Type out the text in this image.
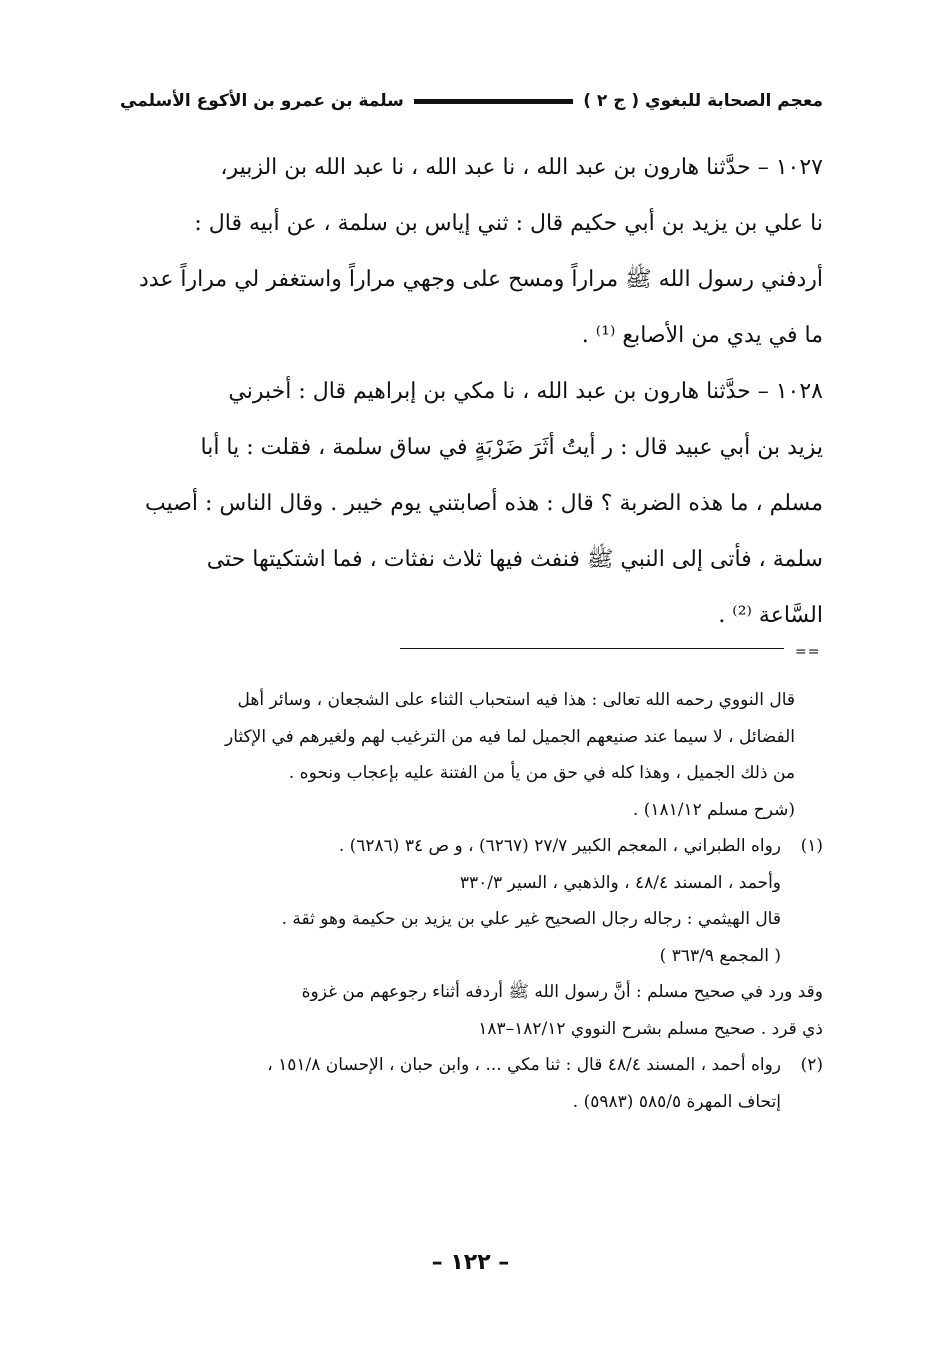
معجم الصحابة للبغوي ( ج ٢ )
سلمة بن عمرو بن الأكوع الأسلمي
١٠٢٧ – حدَّثنا هارون بن عبد الله ، نا عبد الله ، نا عبد الله بن الزبير،
نا علي بن يزيد بن أبي حكيم قال : ثني إياس بن سلمة ، عن أبيه قال :
أردفني رسول الله ﷺ مراراً ومسح على وجهي مراراً واستغفر لي مراراً عدد
ما في يدي من الأصابع ⁽¹⁾ .
١٠٢٨ – حدَّثنا هارون بن عبد الله ، نا مكي بن إبراهيم قال : أخبرني
يزيد بن أبي عبيد قال : ر أيتُ أثَرَ ضَرْبَةٍ في ساق سلمة ، فقلت : يا أبا
مسلم ، ما هذه الضربة ؟ قال : هذه أصابتني يوم خيبر . وقال الناس : أصيب
سلمة ، فأتى إلى النبي ﷺ فنفث فيها ثلاث نفثات ، فما اشتكيتها حتى
السَّاعة ⁽²⁾ .
==
قال النووي رحمه الله تعالى : هذا فيه استحباب الثناء على الشجعان ، وسائر أهل
الفضائل ، لا سيما عند صنيعهم الجميل لما فيه من الترغيب لهم ولغيرهم في الإكثار
من ذلك الجميل ، وهذا كله في حق من يأ من الفتنة عليه بإعجاب ونحوه .
(شرح مسلم ١٨١/١٢) .
(١)
رواه الطبراني ، المعجم الكبير ٢٧/٧ (٦٢٦٧) ، و ص ٣٤ (٦٢٨٦) .
وأحمد ، المسند ٤٨/٤ ، والذهبي ، السير ٣٣٠/٣
قال الهيثمي : رجاله رجال الصحيح غير علي بن يزيد بن حكيمة وهو ثقة .
( المجمع ٣٦٣/٩ )
وقد ورد في صحيح مسلم : أنَّ رسول الله ﷺ أردفه أثناء رجوعهم من غزوة
ذي قرد . صحيح مسلم بشرح النووي ١٨٢/١٢–١٨٣
(٢)
رواه أحمد ، المسند ٤٨/٤ قال : ثنا مكي ... ، وابن حبان ، الإحسان ١٥١/٨ ،
إتحاف المهرة ٥٨٥/٥ (٥٩٨٣) .
– ١٢٢ –
